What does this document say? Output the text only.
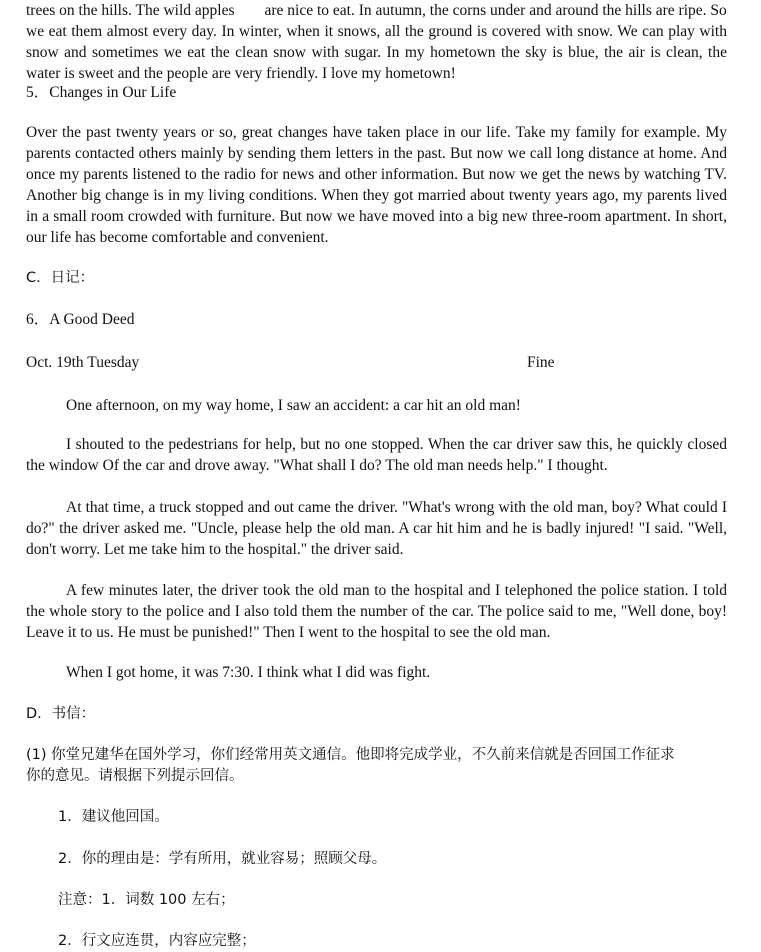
trees on the hills. The wild apples are nice to eat. In autumn, the corns under and around the hills are ripe. So
we eat them almost every day. In winter, when it snows, all the ground is covered with snow. We can play with
snow and sometimes we eat the clean snow with sugar. In my hometown the sky is blue, the air is clean, the
water is sweet and the people are very friendly. I love my hometown!

5．Changes in Our Life

Over the past twenty years or so, great changes have taken place in our life. Take my family for example. My
parents contacted others mainly by sending them letters in the past. But now we call long distance at home. And
once my parents listened to the radio for news and other information. But now we get the news by watching TV.
Another big change is in my living conditions. When they got married about twenty years ago, my parents lived
in a small room crowded with furniture. But now we have moved into a big new three-room apartment. In short,
our life has become comfortable and convenient.

C．日记：

6．A Good Deed

Oct. 19th Tuesday	Fine

One afternoon, on my way home, I saw an accident: a car hit an old man!

I shouted to the pedestrians for help, but no one stopped. When the car driver saw this, he quickly closed
the window Of the car and drove away. "What shall I do? The old man needs help." I thought.
At that time, a truck stopped and out came the driver. "What's wrong with the old man, boy? What could I
do?" the driver asked me. "Uncle, please help the old man. A car hit him and he is badly injured! "I said. "Well,
don't worry. Let me take him to the hospital." the driver said.
A few minutes later, the driver took the old man to the hospital and I telephoned the police station. I told
the whole story to the police and I also told them the number of the car. The police said to me, "Well done, boy!
Leave it to us. He must be punished!" Then I went to the hospital to see the old man.

When I got home, it was 7:30. I think what I did was fight.

D．书信：

(1) 你堂兄建华在国外学习，你们经常用英文通信。他即将完成学业，不久前来信就是否回国工作征求
你的意见。请根据下列提示回信。

1．建议他回国。

2．你的理由是：学有所用，就业容易；照顾父母。

注意：1．词数 100 左右；

2．行文应连贯，内容应完整；
